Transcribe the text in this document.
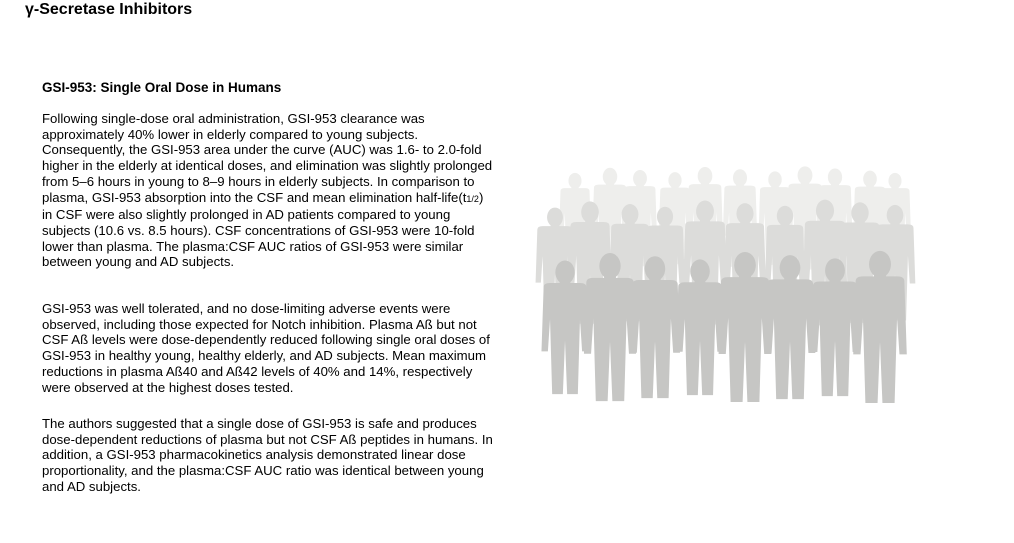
γ-Secretase Inhibitors
GSI-953: Single Oral Dose in Humans

Following single-dose oral administration, GSI-953 clearance was approximately 40% lower in elderly compared to young subjects. Consequently, the GSI-953 area under the curve (AUC) was 1.6- to 2.0-fold higher in the elderly at identical doses, and elimination was slightly prolonged from 5–6 hours in young to 8–9 hours in elderly subjects. In comparison to plasma, GSI-953 absorption into the CSF and mean elimination half-life(t1/2) in CSF were also slightly prolonged in AD patients compared to young subjects (10.6 vs. 8.5 hours). CSF concentrations of GSI-953 were 10-fold lower than plasma. The plasma:CSF AUC ratios of GSI-953 were similar between young and AD subjects.

GSI-953 was well tolerated, and no dose-limiting adverse events were observed, including those expected for Notch inhibition. Plasma Aß but not CSF Aß levels were dose-dependently reduced following single oral doses of GSI-953 in healthy young, healthy elderly, and AD subjects. Mean maximum reductions in plasma Aß40 and Aß42 levels of 40% and 14%, respectively were observed at the highest doses tested.

The authors suggested that a single dose of GSI-953 is safe and produces dose-dependent reductions of plasma but not CSF Aß peptides in humans. In addition, a GSI-953 pharmacokinetics analysis demonstrated linear dose proportionality, and the plasma:CSF AUC ratio was identical between young and AD subjects.
